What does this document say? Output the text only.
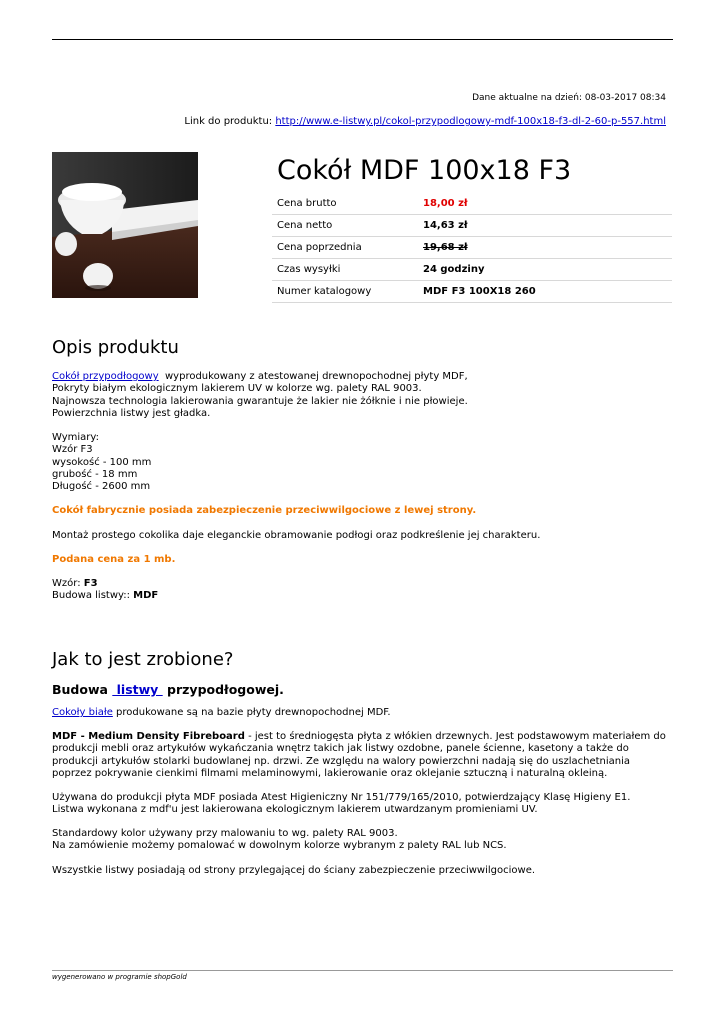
Dane aktualne na dzień: 08-03-2017 08:34
Link do produktu: http://www.e-listwy.pl/cokol-przypodlogowy-mdf-100x18-f3-dl-2-60-p-557.html
Cokół MDF 100x18 F3
Cena brutto	18,00 zł
Cena netto	14,63 zł
Cena poprzednia	19,68 zł
Czas wysyłki	24 godziny
Numer katalogowy	MDF F3 100X18 260
Opis produktu
Cokół przypodłogowy  wyprodukowany z atestowanej drewnopochodnej płyty MDF,
Pokryty białym ekologicznym lakierem UV w kolorze wg. palety RAL 9003.
Najnowsza technologia lakierowania gwarantuje że lakier nie żółknie i nie płowieje.
Powierzchnia listwy jest gładka.
Wymiary:
Wzór F3
wysokość - 100 mm
grubość - 18 mm
Długość - 2600 mm
Cokół fabrycznie posiada zabezpieczenie przeciwwilgociowe z lewej strony.
Montaż prostego cokolika daje eleganckie obramowanie podłogi oraz podkreślenie jej charakteru.
Podana cena za 1 mb.
Wzór: F3
Budowa listwy:: MDF
Jak to jest zrobione?
Budowa  listwy  przypodłogowej.
Cokoły białe produkowane są na bazie płyty drewnopochodnej MDF.
MDF - Medium Density Fibreboard - jest to średniogęsta płyta z włókien drzewnych. Jest podstawowym materiałem do produkcji mebli oraz artykułów wykańczania wnętrz takich jak listwy ozdobne, panele ścienne, kasetony a także do produkcji artykułów stolarki budowlanej np. drzwi. Ze względu na walory powierzchni nadają się do uszlachetniania poprzez pokrywanie cienkimi filmami melaminowymi, lakierowanie oraz oklejanie sztuczną i naturalną okleiną.
Używana do produkcji płyta MDF posiada Atest Higieniczny Nr 151/779/165/2010, potwierdzający Klasę Higieny E1.
Listwa wykonana z mdf'u jest lakierowana ekologicznym lakierem utwardzanym promieniami UV.
Standardowy kolor używany przy malowaniu to wg. palety RAL 9003.
Na zamówienie możemy pomalować w dowolnym kolorze wybranym z palety RAL lub NCS.
Wszystkie listwy posiadają od strony przylegającej do ściany zabezpieczenie przeciwwilgociowe.
wygenerowano w programie shopGold
